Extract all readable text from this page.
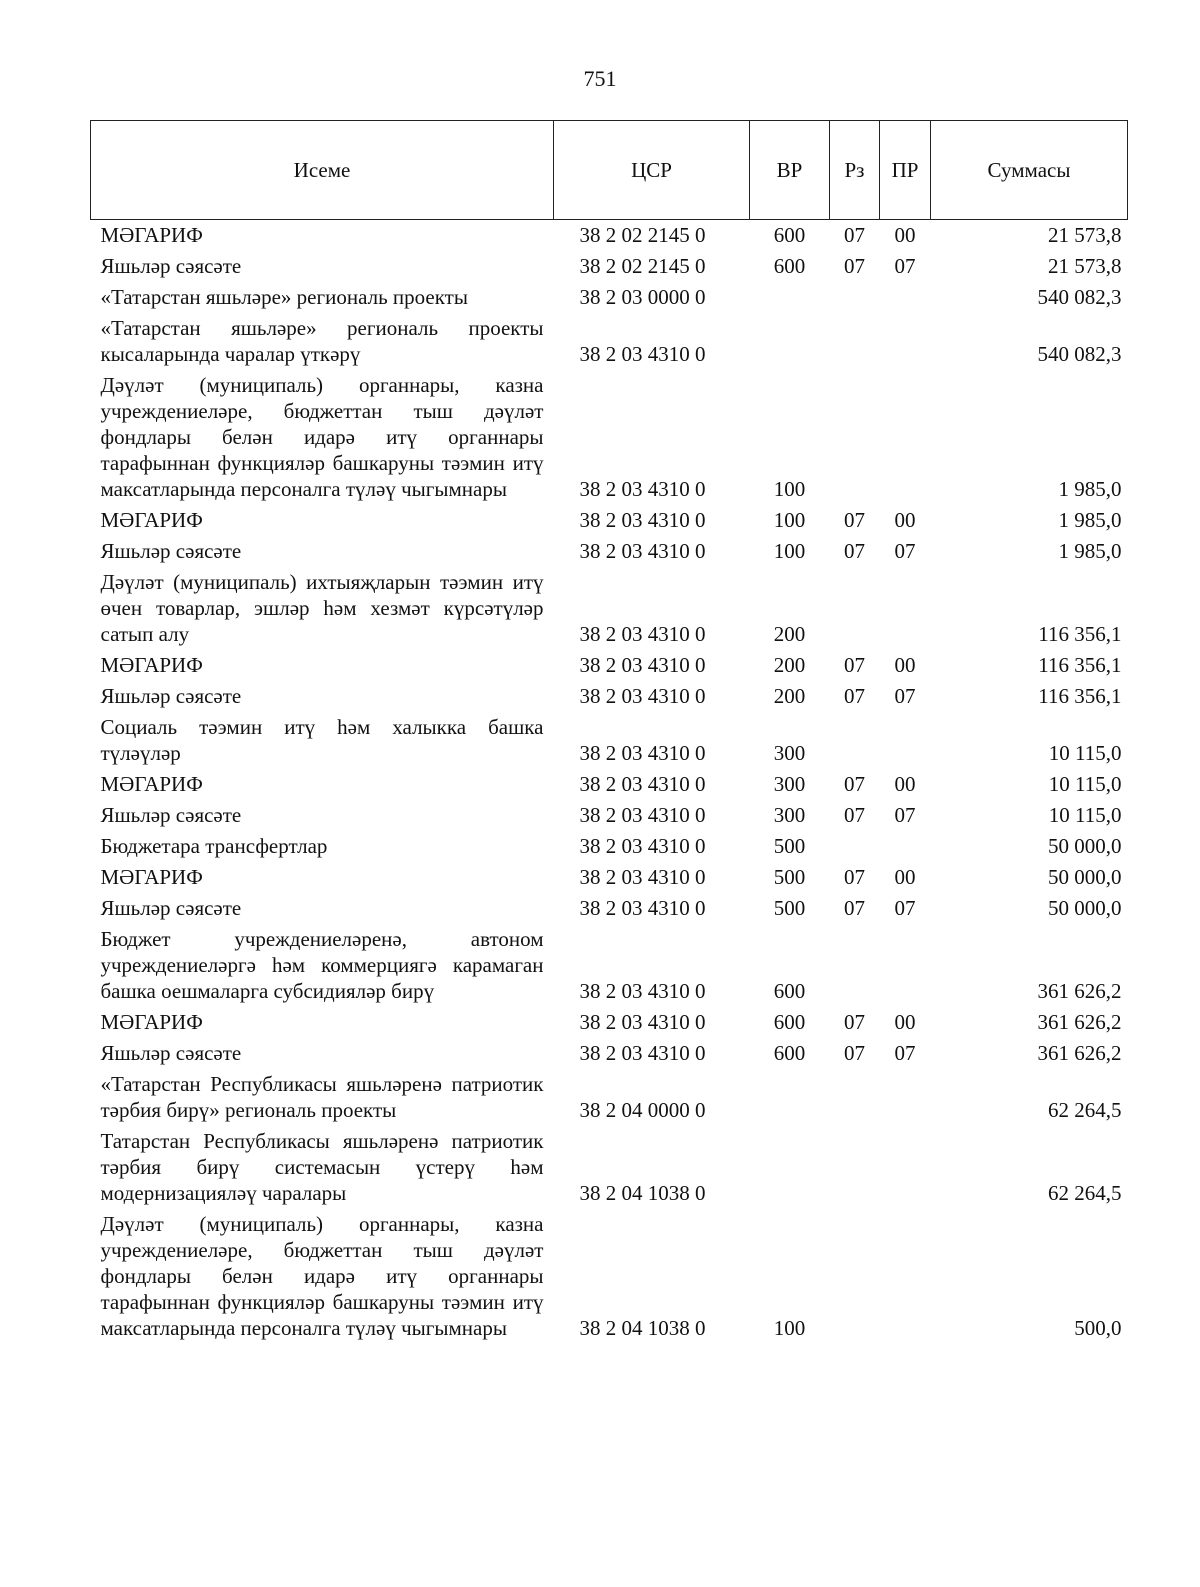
751
Исеме	ЦСР	ВР	Рз	ПР	Суммасы
МӘГАРИФ	38 2 02 2145 0	600	07	00	21 573,8
Яшьләр сәясәте	38 2 02 2145 0	600	07	07	21 573,8
«Татарстан яшьләре» региональ проекты	38 2 03 0000 0				540 082,3
«Татарстан яшьләре» региональ проекты кысаларында чаралар үткәрү	38 2 03 4310 0				540 082,3
Дәүләт (муниципаль) органнары, казна учреждениеләре, бюджеттан тыш дәүләт фондлары белән идарә итү органнары тарафыннан функцияләр башкаруны тәэмин итү максатларында персоналга түләү чыгымнары	38 2 03 4310 0	100			1 985,0
МӘГАРИФ	38 2 03 4310 0	100	07	00	1 985,0
Яшьләр сәясәте	38 2 03 4310 0	100	07	07	1 985,0
Дәүләт (муниципаль) ихтыяҗларын тәэмин итү өчен товарлар, эшләр һәм хезмәт күрсәтүләр сатып алу	38 2 03 4310 0	200			116 356,1
МӘГАРИФ	38 2 03 4310 0	200	07	00	116 356,1
Яшьләр сәясәте	38 2 03 4310 0	200	07	07	116 356,1
Социаль тәэмин итү һәм халыкка башка түләүләр	38 2 03 4310 0	300			10 115,0
МӘГАРИФ	38 2 03 4310 0	300	07	00	10 115,0
Яшьләр сәясәте	38 2 03 4310 0	300	07	07	10 115,0
Бюджетара трансфертлар	38 2 03 4310 0	500			50 000,0
МӘГАРИФ	38 2 03 4310 0	500	07	00	50 000,0
Яшьләр сәясәте	38 2 03 4310 0	500	07	07	50 000,0
Бюджет учреждениеләренә, автоном учреждениеләргә һәм коммерциягә карамаган башка оешмаларга субсидияләр бирү	38 2 03 4310 0	600			361 626,2
МӘГАРИФ	38 2 03 4310 0	600	07	00	361 626,2
Яшьләр сәясәте	38 2 03 4310 0	600	07	07	361 626,2
«Татарстан Республикасы яшьләренә патриотик тәрбия бирү» региональ проекты	38 2 04 0000 0				62 264,5
Татарстан Республикасы яшьләренә патриотик тәрбия бирү системасын үстерү һәм модернизацияләү чаралары	38 2 04 1038 0				62 264,5
Дәүләт (муниципаль) органнары, казна учреждениеләре, бюджеттан тыш дәүләт фондлары белән идарә итү органнары тарафыннан функцияләр башкаруны тәэмин итү максатларында персоналга түләү чыгымнары	38 2 04 1038 0	100			500,0
